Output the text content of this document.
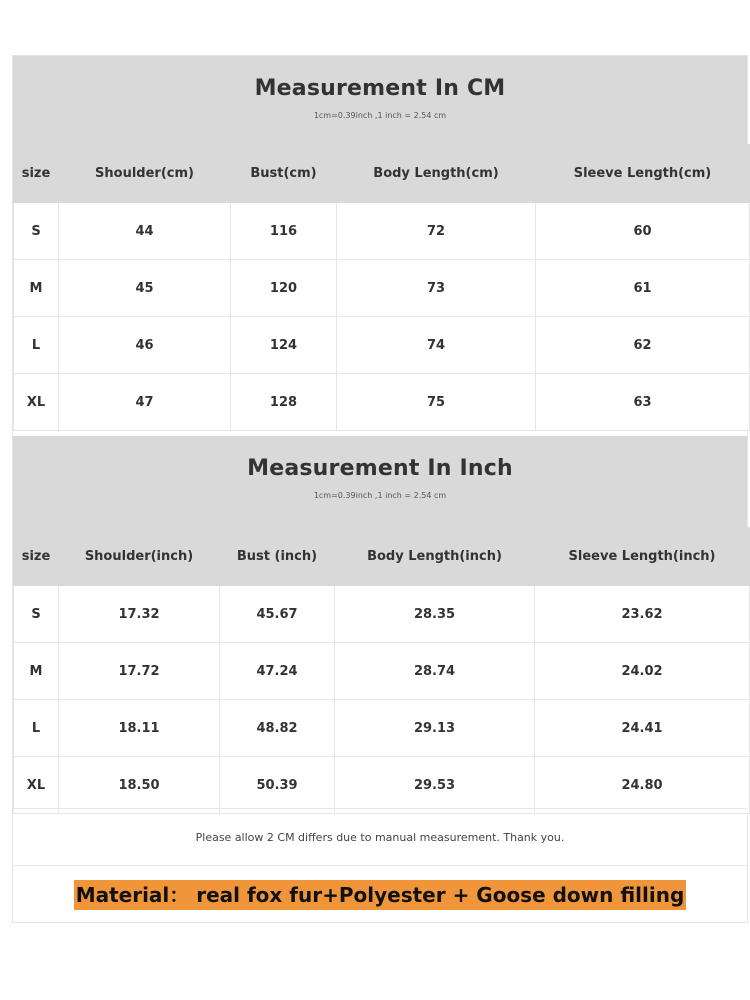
Measurement In CM
1cm=0.39inch ,1 inch = 2.54 cm
size	Shoulder(cm)	Bust(cm)	Body Length(cm)	Sleeve Length(cm)
S	44	116	72	60
M	45	120	73	61
L	46	124	74	62
XL	47	128	75	63
Measurement In Inch
1cm=0.39inch ,1 inch = 2.54 cm
size	Shoulder(inch)	Bust (inch)	Body Length(inch)	Sleeve Length(inch)
S	17.32	45.67	28.35	23.62
M	17.72	47.24	28.74	24.02
L	18.11	48.82	29.13	24.41
XL	18.50	50.39	29.53	24.80
Please allow 2 CM differs due to manual measurement. Thank you.
Material： real fox fur+Polyester + Goose down filling
